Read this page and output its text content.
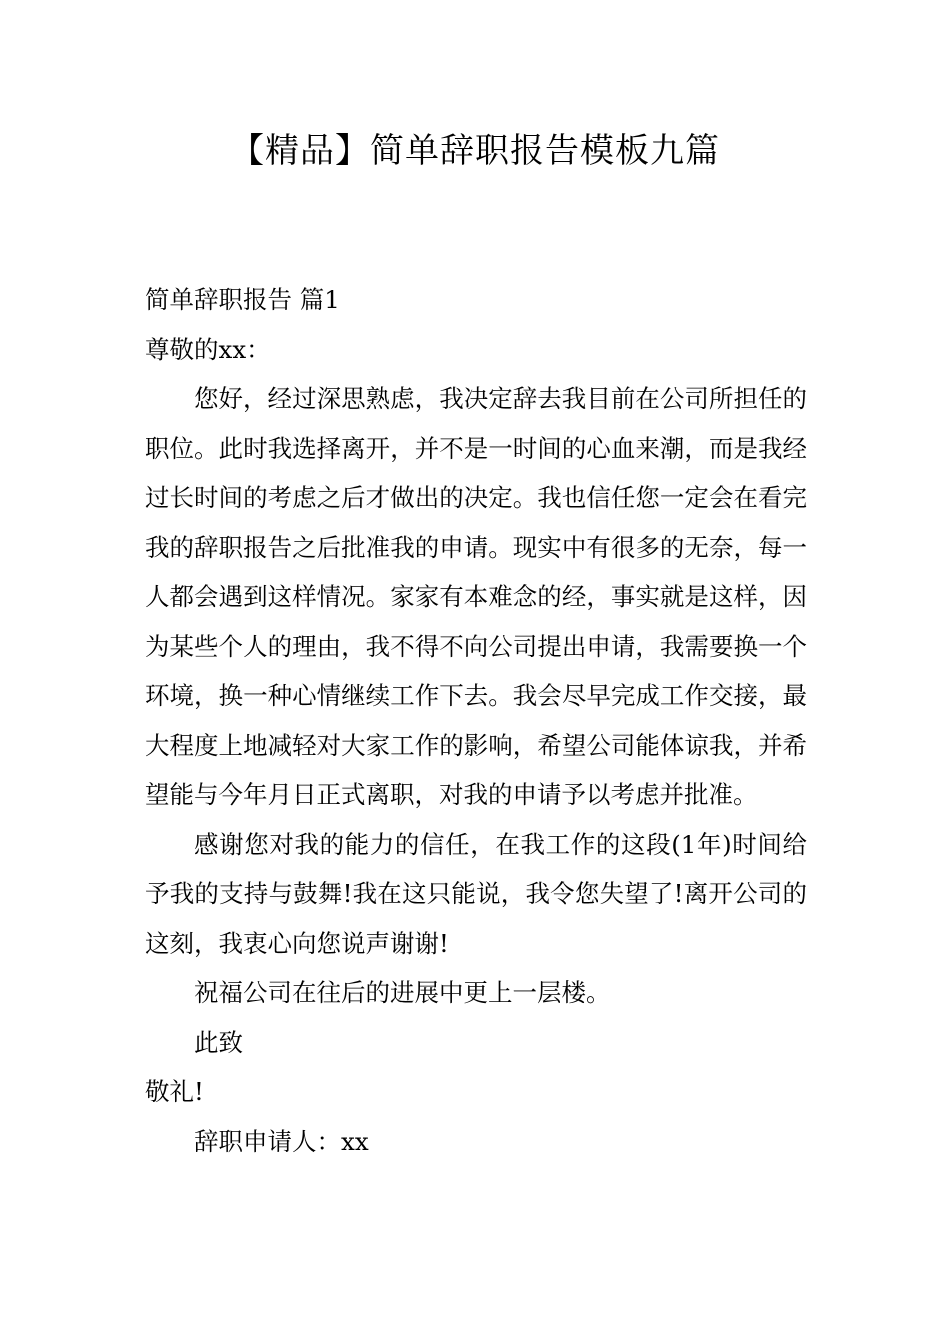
【精品】简单辞职报告模板九篇

简单辞职报告 篇1

尊敬的xx：

您好，经过深思熟虑，我决定辞去我目前在公司所担任的职位。此时我选择离开，并不是一时间的心血来潮，而是我经过长时间的考虑之后才做出的决定。我也信任您一定会在看完我的辞职报告之后批准我的申请。现实中有很多的无奈，每一人都会遇到这样情况。家家有本难念的经，事实就是这样，因为某些个人的理由，我不得不向公司提出申请，我需要换一个环境，换一种心情继续工作下去。我会尽早完成工作交接，最大程度上地减轻对大家工作的影响，希望公司能体谅我，并希望能与今年月日正式离职，对我的申请予以考虑并批准。

感谢您对我的能力的信任，在我工作的这段(1年)时间给予我的支持与鼓舞!我在这只能说，我令您失望了!离开公司的这刻，我衷心向您说声谢谢!

祝福公司在往后的进展中更上一层楼。

此致

敬礼!

辞职申请人：xx
